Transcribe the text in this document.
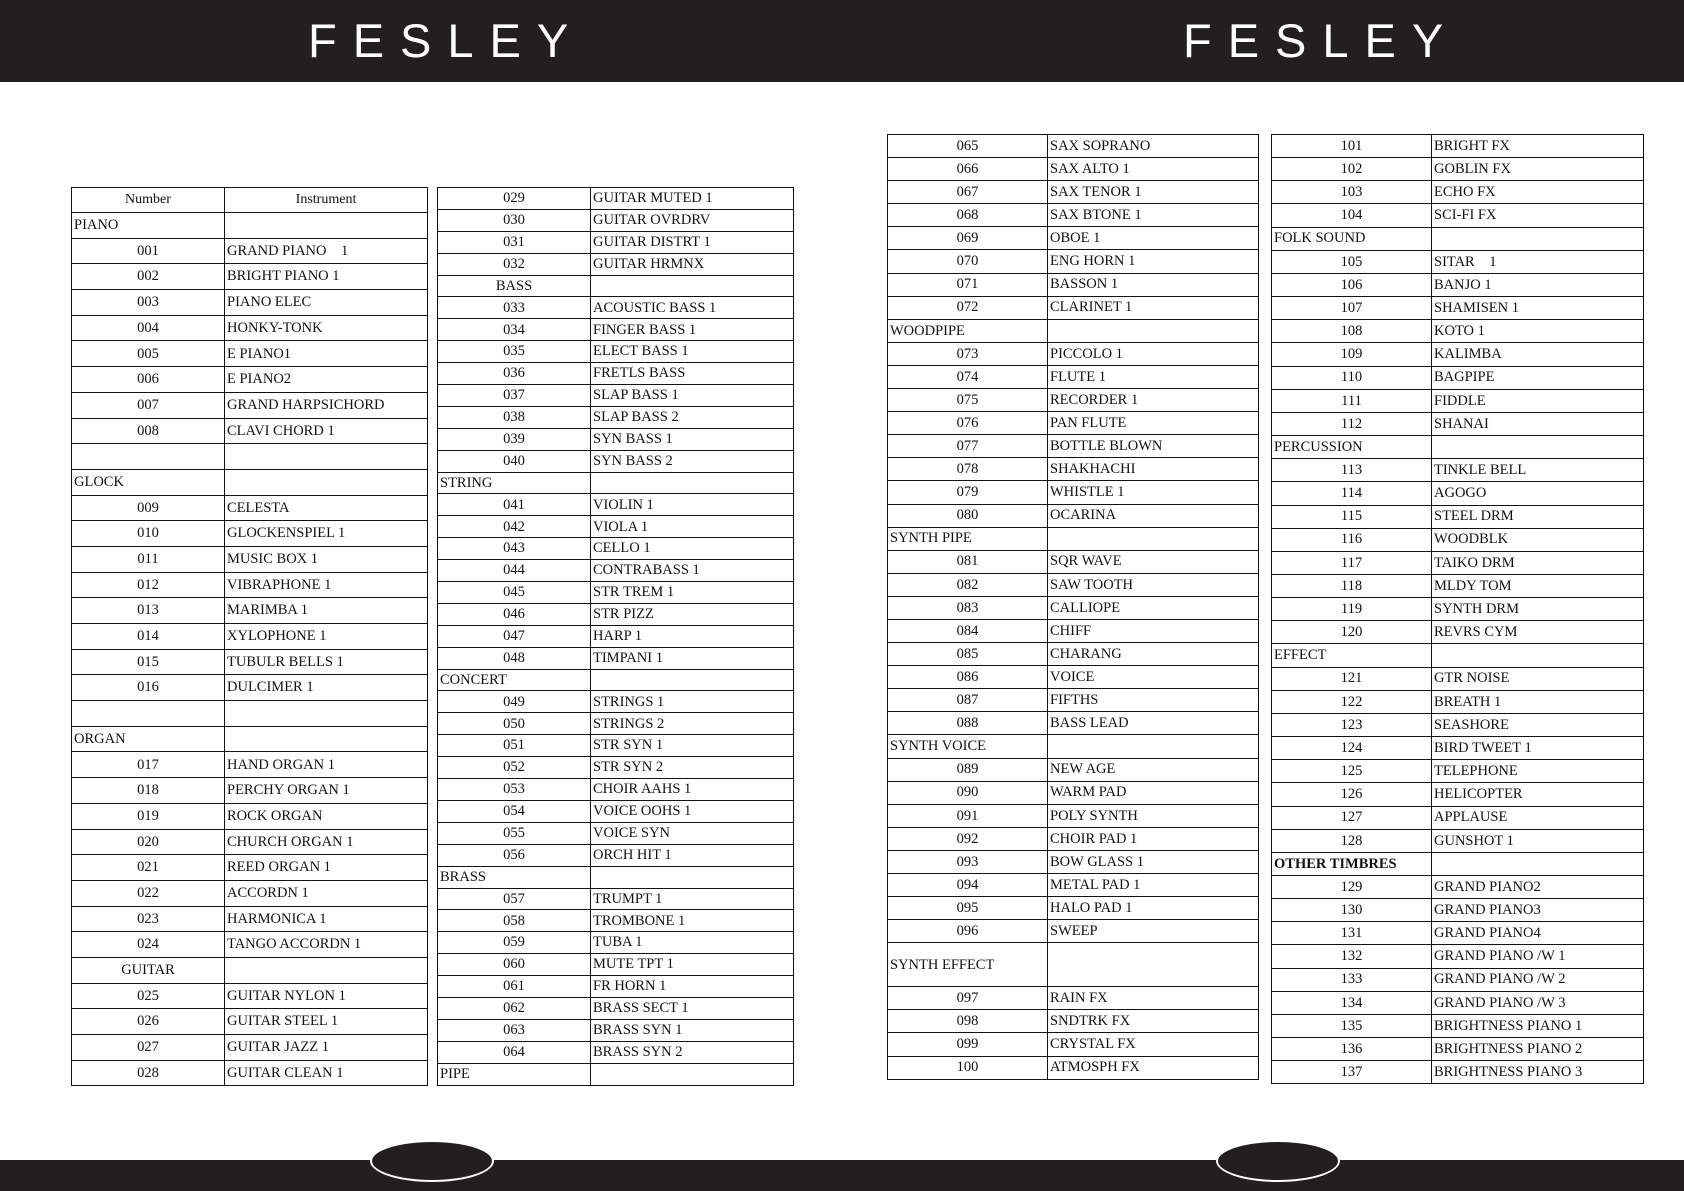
FESLEY	FESLEY
Number	Instrument
PIANO	
001	GRAND PIANO　1
002	BRIGHT PIANO 1
003	PIANO ELEC
004	HONKY-TONK
005	E PIANO1
006	E PIANO2
007	GRAND HARPSICHORD
008	CLAVI CHORD 1

GLOCK	
009	CELESTA
010	GLOCKENSPIEL 1
011	MUSIC BOX 1
012	VIBRAPHONE 1
013	MARIMBA 1
014	XYLOPHONE 1
015	TUBULR BELLS 1
016	DULCIMER 1

ORGAN	
017	HAND ORGAN 1
018	PERCHY ORGAN 1
019	ROCK ORGAN
020	CHURCH ORGAN 1
021	REED ORGAN 1
022	ACCORDN 1
023	HARMONICA 1
024	TANGO ACCORDN 1
GUITAR	
025	GUITAR NYLON 1
026	GUITAR STEEL 1
027	GUITAR JAZZ 1
028	GUITAR CLEAN 1
029	GUITAR MUTED 1
030	GUITAR OVRDRV
031	GUITAR DISTRT 1
032	GUITAR HRMNX
BASS	
033	ACOUSTIC BASS 1
034	FINGER BASS 1
035	ELECT BASS 1
036	FRETLS BASS
037	SLAP BASS 1
038	SLAP BASS 2
039	SYN BASS 1
040	SYN BASS 2
STRING	
041	VIOLIN 1
042	VIOLA 1
043	CELLO 1
044	CONTRABASS 1
045	STR TREM 1
046	STR PIZZ
047	HARP 1
048	TIMPANI 1
CONCERT	
049	STRINGS 1
050	STRINGS 2
051	STR SYN 1
052	STR SYN 2
053	CHOIR AAHS 1
054	VOICE OOHS 1
055	VOICE SYN
056	ORCH HIT 1
BRASS	
057	TRUMPT 1
058	TROMBONE 1
059	TUBA 1
060	MUTE TPT 1
061	FR HORN 1
062	BRASS SECT 1
063	BRASS SYN 1
064	BRASS SYN 2
PIPE	
065	SAX SOPRANO
066	SAX ALTO 1
067	SAX TENOR 1
068	SAX BTONE 1
069	OBOE 1
070	ENG HORN 1
071	BASSON 1
072	CLARINET 1
WOODPIPE	
073	PICCOLO 1
074	FLUTE 1
075	RECORDER 1
076	PAN FLUTE
077	BOTTLE BLOWN
078	SHAKHACHI
079	WHISTLE 1
080	OCARINA
SYNTH PIPE	
081	SQR WAVE
082	SAW TOOTH
083	CALLIOPE
084	CHIFF
085	CHARANG
086	VOICE
087	FIFTHS
088	BASS LEAD
SYNTH VOICE	
089	NEW AGE
090	WARM PAD
091	POLY SYNTH
092	CHOIR PAD 1
093	BOW GLASS 1
094	METAL PAD 1
095	HALO PAD 1
096	SWEEP
SYNTH EFFECT	
097	RAIN FX
098	SNDTRK FX
099	CRYSTAL FX
100	ATMOSPH FX
101	BRIGHT FX
102	GOBLIN FX
103	ECHO FX
104	SCI-FI FX
FOLK SOUND	
105	SITAR　1
106	BANJO 1
107	SHAMISEN 1
108	KOTO 1
109	KALIMBA
110	BAGPIPE
111	FIDDLE
112	SHANAI
PERCUSSION	
113	TINKLE BELL
114	AGOGO
115	STEEL DRM
116	WOODBLK
117	TAIKO DRM
118	MLDY TOM
119	SYNTH DRM
120	REVRS CYM
EFFECT	
121	GTR NOISE
122	BREATH 1
123	SEASHORE
124	BIRD TWEET 1
125	TELEPHONE
126	HELICOPTER
127	APPLAUSE
128	GUNSHOT 1
OTHER TIMBRES	
129	GRAND PIANO2
130	GRAND PIANO3
131	GRAND PIANO4
132	GRAND PIANO /W 1
133	GRAND PIANO /W 2
134	GRAND PIANO /W 3
135	BRIGHTNESS PIANO 1
136	BRIGHTNESS PIANO 2
137	BRIGHTNESS PIANO 3
